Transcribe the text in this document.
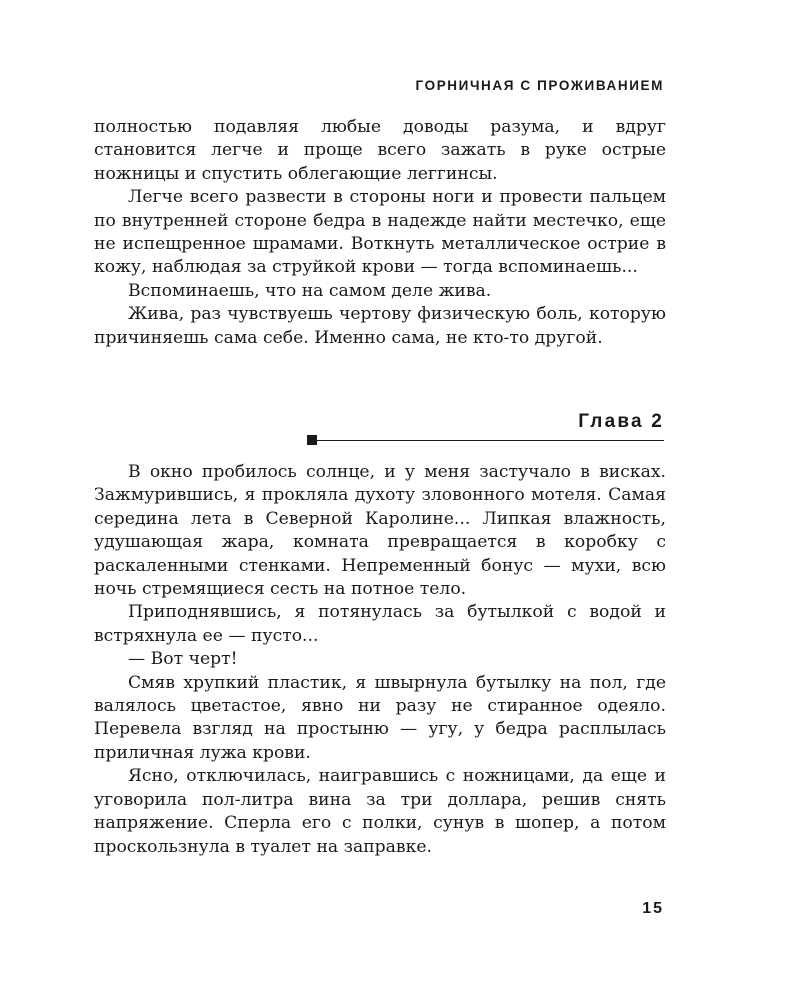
ГОРНИЧНАЯ С ПРОЖИВАНИЕМ

полностью подавляя любые доводы разума, и вдруг становится легче и проще всего зажать в руке острые ножницы и спустить облегающие леггинсы.

Легче всего развести в стороны ноги и провести пальцем по внутренней стороне бедра в надежде найти местечко, еще не испещренное шрамами. Воткнуть металлическое острие в кожу, наблюдая за струйкой крови — тогда вспоминаешь...

Вспоминаешь, что на самом деле жива.

Жива, раз чувствуешь чертову физическую боль, которую причиняешь сама себе. Именно сама, не кто-то другой.

Глава 2

В окно пробилось солнце, и у меня застучало в висках. Зажмурившись, я прокляла духоту зловонного мотеля. Самая середина лета в Северной Каролине... Липкая влажность, удушающая жара, комната превращается в коробку с раскаленными стенками. Непременный бонус — мухи, всю ночь стремящиеся сесть на потное тело.

Приподнявшись, я потянулась за бутылкой с водой и встряхнула ее — пусто...

— Вот черт!

Смяв хрупкий пластик, я швырнула бутылку на пол, где валялось цветастое, явно ни разу не стиранное одеяло. Перевела взгляд на простыню — угу, у бедра расплылась приличная лужа крови.

Ясно, отключилась, наигравшись с ножницами, да еще и уговорила пол-литра вина за три доллара, решив снять напряжение. Сперла его с полки, сунув в шопер, а потом проскользнула в туалет на заправке.

15
